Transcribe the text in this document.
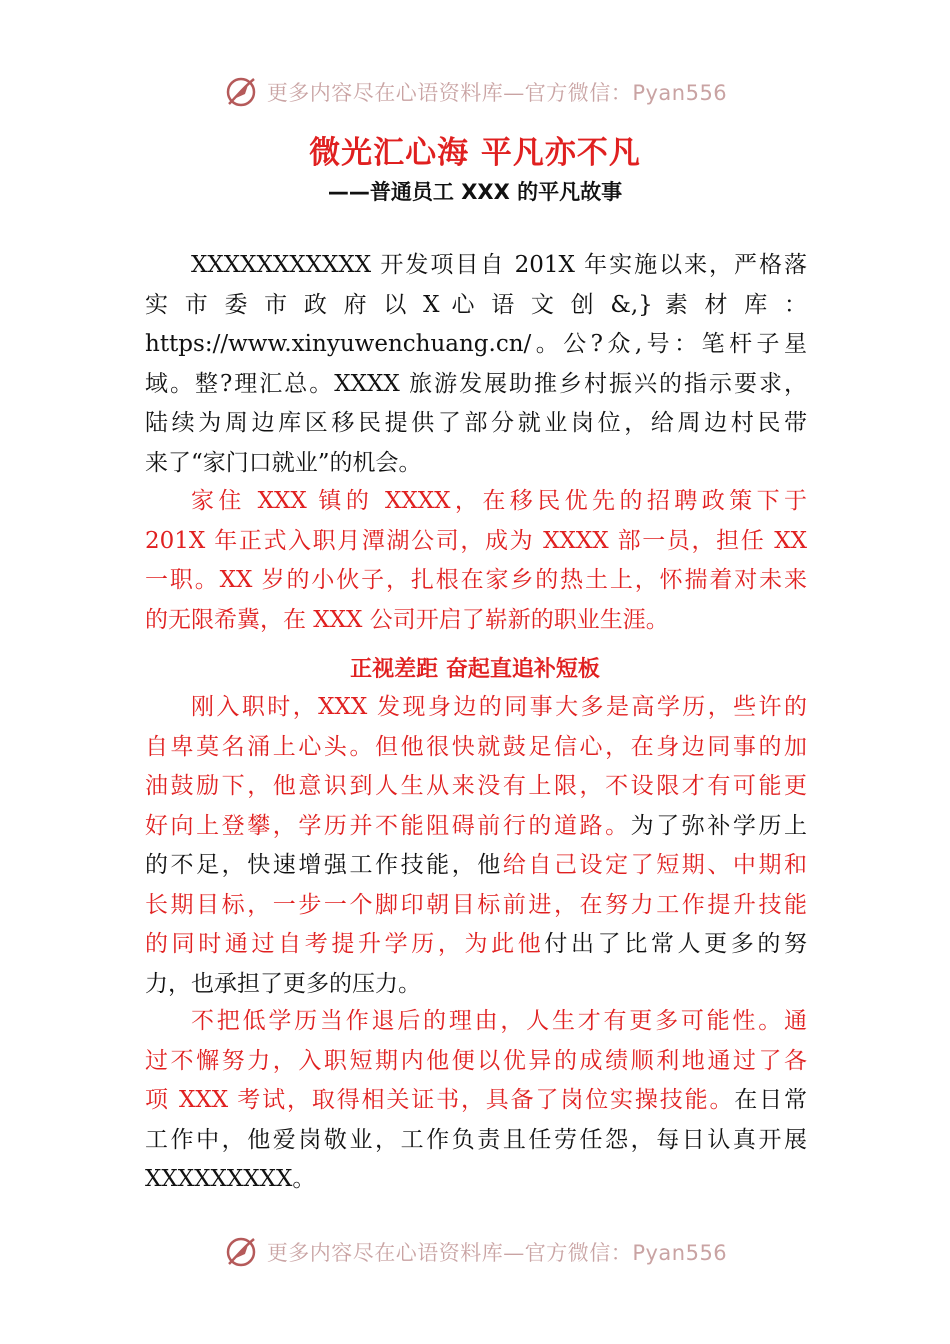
更多内容尽在心语资料库—官方微信：Pyan556
微光汇心海 平凡亦不凡
——普通员工 XXX 的平凡故事
XXXXXXXXXXX 开发项目自 201X 年实施以来，严格落
实 市 委 市 政 府 以 X 心 语 文 创 &,} 素 材 库 ：
https://www.xinyuwenchuang.cn/。公?众,号：笔杆子星
域。整?理汇总。XXXX 旅游发展助推乡村振兴的指示要求，
陆续为周边库区移民提供了部分就业岗位，给周边村民带
来了“家门口就业”的机会。
家住 XXX 镇的 XXXX，在移民优先的招聘政策下于
201X 年正式入职月潭湖公司，成为 XXXX 部一员，担任 XX
一职。XX 岁的小伙子，扎根在家乡的热土上，怀揣着对未来
的无限希冀，在 XXX 公司开启了崭新的职业生涯。
正视差距 奋起直追补短板
刚入职时，XXX 发现身边的同事大多是高学历，些许的
自卑莫名涌上心头。但他很快就鼓足信心，在身边同事的加
油鼓励下，他意识到人生从来没有上限，不设限才有可能更
好向上登攀，学历并不能阻碍前行的道路。为了弥补学历上
的不足，快速增强工作技能，他给自己设定了短期、中期和
长期目标，一步一个脚印朝目标前进，在努力工作提升技能
的同时通过自考提升学历，为此他付出了比常人更多的努
力，也承担了更多的压力。
不把低学历当作退后的理由，人生才有更多可能性。通
过不懈努力，入职短期内他便以优异的成绩顺利地通过了各
项 XXX 考试，取得相关证书，具备了岗位实操技能。在日常
工作中，他爱岗敬业，工作负责且任劳任怨，每日认真开展
XXXXXXXXX。
更多内容尽在心语资料库—官方微信：Pyan556
